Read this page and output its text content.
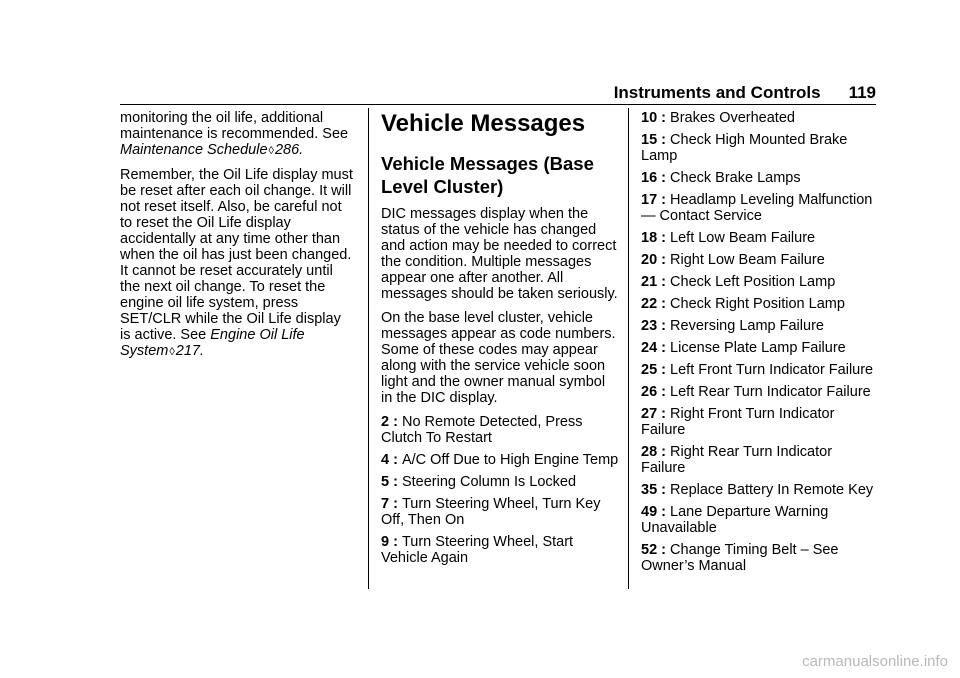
Instruments and Controls 119

monitoring the oil life, additional maintenance is recommended. See Maintenance Schedule◊286.

Remember, the Oil Life display must be reset after each oil change. It will not reset itself. Also, be careful not to reset the Oil Life display accidentally at any time other than when the oil has just been changed. It cannot be reset accurately until the next oil change. To reset the engine oil life system, press SET/CLR while the Oil Life display is active. See Engine Oil Life System◊217.

Vehicle Messages
Vehicle Messages (Base Level Cluster)

DIC messages display when the status of the vehicle has changed and action may be needed to correct the condition. Multiple messages appear one after another. All messages should be taken seriously.

On the base level cluster, vehicle messages appear as code numbers. Some of these codes may appear along with the service vehicle soon light and the owner manual symbol in the DIC display.

2 : No Remote Detected, Press Clutch To Restart

4 : A/C Off Due to High Engine Temp

5 : Steering Column Is Locked

7 : Turn Steering Wheel, Turn Key Off, Then On

9 : Turn Steering Wheel, Start Vehicle Again

10 : Brakes Overheated

15 : Check High Mounted Brake Lamp

16 : Check Brake Lamps

17 : Headlamp Leveling Malfunction — Contact Service

18 : Left Low Beam Failure

20 : Right Low Beam Failure

21 : Check Left Position Lamp

22 : Check Right Position Lamp

23 : Reversing Lamp Failure

24 : License Plate Lamp Failure

25 : Left Front Turn Indicator Failure

26 : Left Rear Turn Indicator Failure

27 : Right Front Turn Indicator Failure

28 : Right Rear Turn Indicator Failure

35 : Replace Battery In Remote Key

49 : Lane Departure Warning Unavailable

52 : Change Timing Belt – See Owner’s Manual

carmanualsonline.info
